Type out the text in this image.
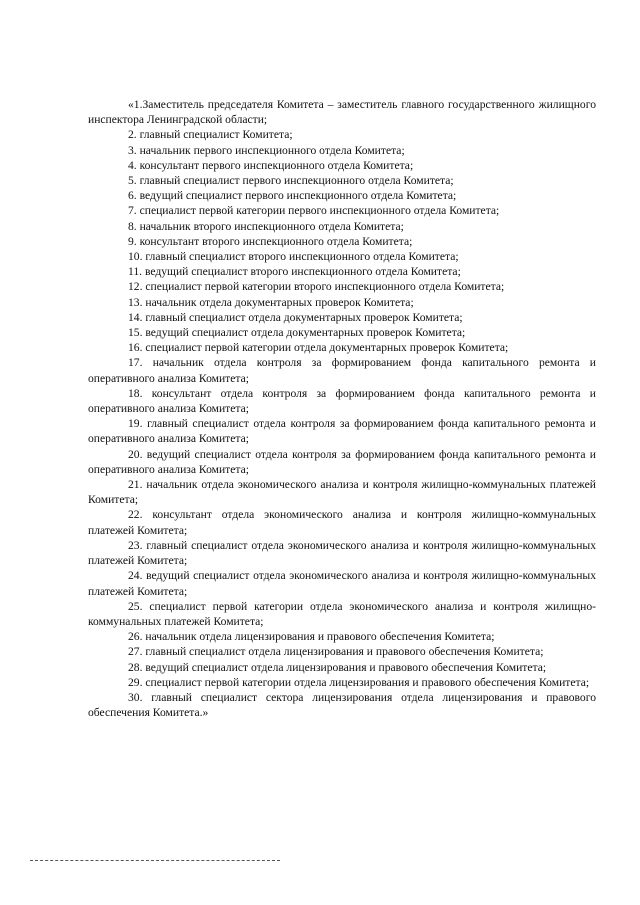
«1.Заместитель председателя Комитета – заместитель главного государственного жилищного инспектора Ленинградской области;

2. главный специалист Комитета;

3. начальник первого инспекционного отдела Комитета;

4. консультант первого инспекционного отдела Комитета;

5. главный специалист первого инспекционного отдела Комитета;

6. ведущий специалист первого инспекционного отдела Комитета;

7. специалист первой категории первого инспекционного отдела Комитета;

8. начальник второго инспекционного отдела Комитета;

9. консультант второго инспекционного отдела Комитета;

10. главный специалист второго инспекционного отдела Комитета;

11. ведущий специалист второго инспекционного отдела Комитета;

12. специалист первой категории второго инспекционного отдела Комитета;

13. начальник отдела документарных проверок Комитета;

14. главный специалист отдела документарных проверок Комитета;

15. ведущий специалист отдела документарных проверок Комитета;

16. специалист первой категории отдела документарных проверок Комитета;

17. начальник отдела контроля за формированием фонда капитального ремонта и оперативного анализа Комитета;

18. консультант отдела контроля за формированием фонда капитального ремонта и оперативного анализа Комитета;

19. главный специалист отдела контроля за формированием фонда капитального ремонта и оперативного анализа Комитета;

20. ведущий специалист отдела контроля за формированием фонда капитального ремонта и оперативного анализа Комитета;

21. начальник отдела экономического анализа и контроля жилищно-коммунальных платежей Комитета;

22. консультант отдела экономического анализа и контроля жилищно-коммунальных платежей Комитета;

23. главный специалист отдела экономического анализа и контроля жилищно-коммунальных платежей Комитета;

24. ведущий специалист отдела экономического анализа и контроля жилищно-коммунальных платежей Комитета;

25. специалист первой категории отдела экономического анализа и контроля жилищно-коммунальных платежей Комитета;

26. начальник отдела лицензирования и правового обеспечения Комитета;

27. главный специалист отдела лицензирования и правового обеспечения Комитета;

28. ведущий специалист отдела лицензирования и правового обеспечения Комитета;

29. специалист первой категории отдела лицензирования и правового обеспечения Комитета;

30. главный специалист сектора лицензирования отдела лицензирования и правового обеспечения Комитета.»
